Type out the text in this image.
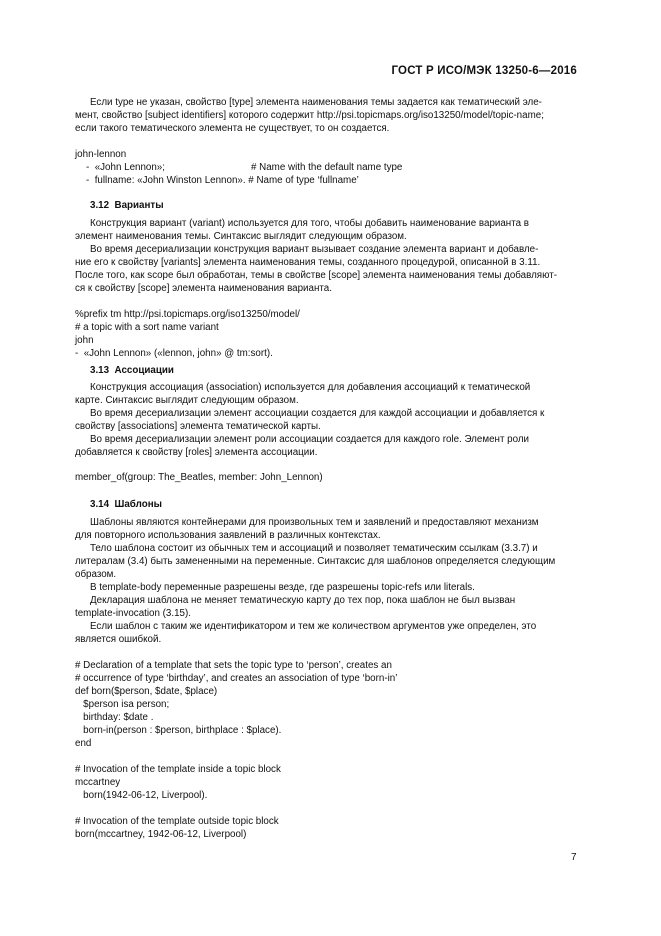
ГОСТ Р ИСО/МЭК 13250-6—2016
Если type не указан, свойство [type] элемента наименования темы задается как тематический эле-
мент, свойство [subject identifiers] которого содержит http://psi.topicmaps.org/iso13250/model/topic-name;
если такого тематического элемента не существует, то он создается.
john-lennon
-  «John Lennon»;	# Name with the default name type
-  fullname: «John Winston Lennon». # Name of type ‘fullname’
3.12  Варианты
Конструкция вариант (variant) используется для того, чтобы добавить наименование варианта в
элемент наименования темы. Синтаксис выглядит следующим образом.
Во время десериализации конструкция вариант вызывает создание элемента вариант и добавле-
ние его к свойству [variants] элемента наименования темы, созданного процедурой, описанной в 3.11.
После того, как scope был обработан, темы в свойстве [scope] элемента наименования темы добавляют-
ся к свойству [scope] элемента наименования варианта.
%prefix tm http://psi.topicmaps.org/iso13250/model/
# a topic with a sort name variant
john
-  «John Lennon» («lennon, john» @ tm:sort).
3.13  Ассоциации
Конструкция ассоциация (association) используется для добавления ассоциаций к тематической
карте. Синтаксис выглядит следующим образом.
Во время десериализации элемент ассоциации создается для каждой ассоциации и добавляется к
свойству [associations] элемента тематической карты.
Во время десериализации элемент роли ассоциации создается для каждого role. Элемент роли
добавляется к свойству [roles] элемента ассоциации.
member_of(group: The_Beatles, member: John_Lennon)
3.14  Шаблоны
Шаблоны являются контейнерами для произвольных тем и заявлений и предоставляют механизм
для повторного использования заявлений в различных контекстах.
Тело шаблона состоит из обычных тем и ассоциаций и позволяет тематическим ссылкам (3.3.7) и
литералам (3.4) быть замененными на переменные. Синтаксис для шаблонов определяется следующим
образом.
В template-body переменные разрешены везде, где разрешены topic-refs или literals.
Декларация шаблона не меняет тематическую карту до тех пор, пока шаблон не был вызван
template-invocation (3.15).
Если шаблон с таким же идентификатором и тем же количеством аргументов уже определен, это
является ошибкой.
# Declaration of a template that sets the topic type to ‘person’, creates an
# occurrence of type ‘birthday’, and creates an association of type ‘born-in’
def born($person, $date, $place)
$person isa person;
birthday: $date .
born-in(person : $person, birthplace : $place).
end
# Invocation of the template inside a topic block
mccartney
born(1942-06-12, Liverpool).
# Invocation of the template outside topic block
born(mccartney, 1942-06-12, Liverpool)
7
